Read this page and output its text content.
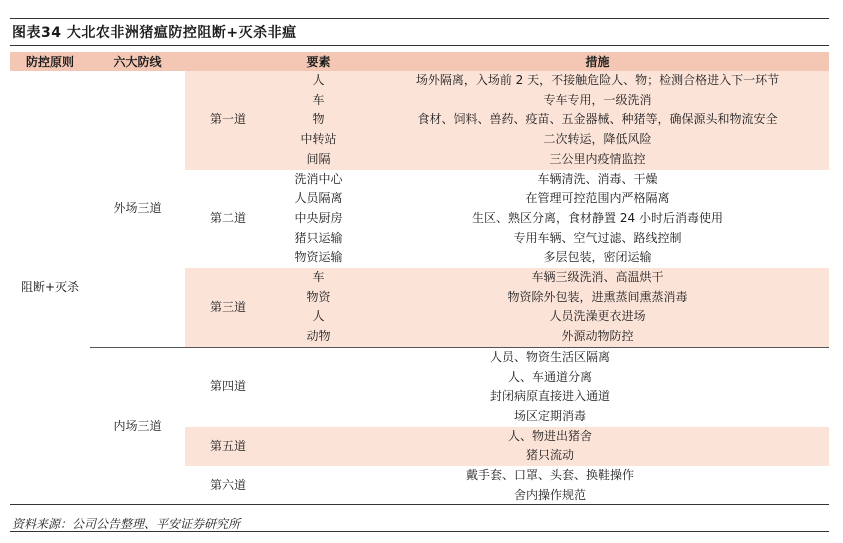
图表34 大北农非洲猪瘟防控阻断+灭杀非瘟
防控原则	六大防线		要素	措施
阻断+灭杀	外场三道	第一道	人	场外隔离，入场前 2 天，不接触危险人、物；检测合格进入下一环节
			车	专车专用，一级洗消
			物	食材、饲料、兽药、疫苗、五金器械、种猪等，确保源头和物流安全
			中转站	二次转运，降低风险
			间隔	三公里内疫情监控
		第二道	洗消中心	车辆清洗、消毒、干燥
			人员隔离	在管理可控范围内严格隔离
			中央厨房	生区、熟区分离，食材静置 24 小时后消毒使用
			猪只运输	专用车辆、空气过滤、路线控制
			物资运输	多层包装，密闭运输
		第三道	车	车辆三级洗消、高温烘干
			物资	物资除外包装，进熏蒸间熏蒸消毒
			人	人员洗澡更衣进场
			动物	外源动物防控
	内场三道	第四道	人员、物资生活区隔离	
			人、车通道分离	
			封闭病原直接进入通道	
			场区定期消毒	
		第五道	人、物进出猪舍	
			猪只流动	
		第六道	戴手套、口罩、头套、换鞋操作	
			舍内操作规范	
资料来源：公司公告整理、平安证券研究所
